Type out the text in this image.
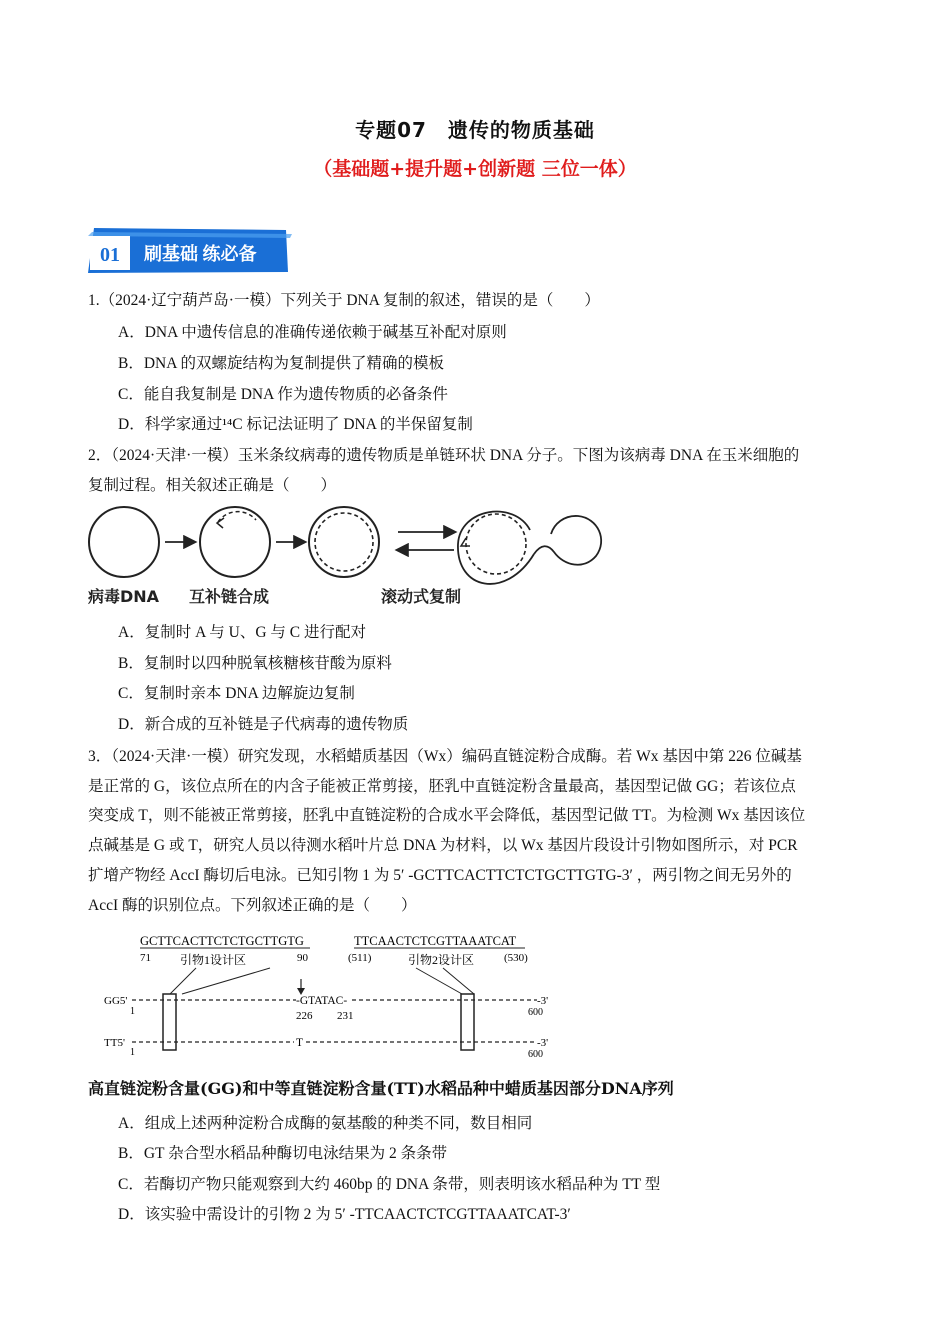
专题07　遗传的物质基础
（基础题+提升题+创新题 三位一体）
01 刷基础 练必备
1.（2024·辽宁葫芦岛·一模）下列关于 DNA 复制的叙述，错误的是（　　）
A．DNA 中遗传信息的准确传递依赖于碱基互补配对原则
B．DNA 的双螺旋结构为复制提供了精确的模板
C．能自我复制是 DNA 作为遗传物质的必备条件
D．科学家通过¹⁴C 标记法证明了 DNA 的半保留复制
2．（2024·天津·一模）玉米条纹病毒的遗传物质是单链环状 DNA 分子。下图为该病毒 DNA 在玉米细胞的
复制过程。相关叙述正确是（　　）
病毒DNA 互补链合成	滚动式复制
A．复制时 A 与 U、G 与 C 进行配对
B．复制时以四种脱氧核糖核苷酸为原料
C．复制时亲本 DNA 边解旋边复制
D．新合成的互补链是子代病毒的遗传物质
3．（2024·天津·一模）研究发现，水稻蜡质基因（Wx）编码直链淀粉合成酶。若 Wx 基因中第 226 位碱基
是正常的 G，该位点所在的内含子能被正常剪接，胚乳中直链淀粉含量最高，基因型记做 GG；若该位点
突变成 T，则不能被正常剪接，胚乳中直链淀粉的合成水平会降低，基因型记做 TT。为检测 Wx 基因该位
点碱基是 G 或 T，研究人员以待测水稻叶片总 DNA 为材料，以 Wx 基因片段设计引物如图所示，对 PCR
扩增产物经 AccI 酶切后电泳。已知引物 1 为 5′ -GCTTCACTTCTCTGCTTGTG-3′ ，两引物之间无另外的
AccI 酶的识别位点。下列叙述正确的是（　　）
GCTTCACTTCTCTGCTTGTG	TTCAACTCTCGTTAAATCAT
71 引物1设计区	90	(511)	引物2设计区	(530)
GG5'
1
-GTATAC-	-3'
226 231	600
TT5'
1
T	-3'
600
高直链淀粉含量(GG)和中等直链淀粉含量(TT)水稻品种中蜡质基因部分DNA序列
A．组成上述两种淀粉合成酶的氨基酸的种类不同，数目相同
B．GT 杂合型水稻品种酶切电泳结果为 2 条条带
C．若酶切产物只能观察到大约 460bp 的 DNA 条带，则表明该水稻品种为 TT 型
D．该实验中需设计的引物 2 为 5′ -TTCAACTCTCGTTAAATCAT-3′
